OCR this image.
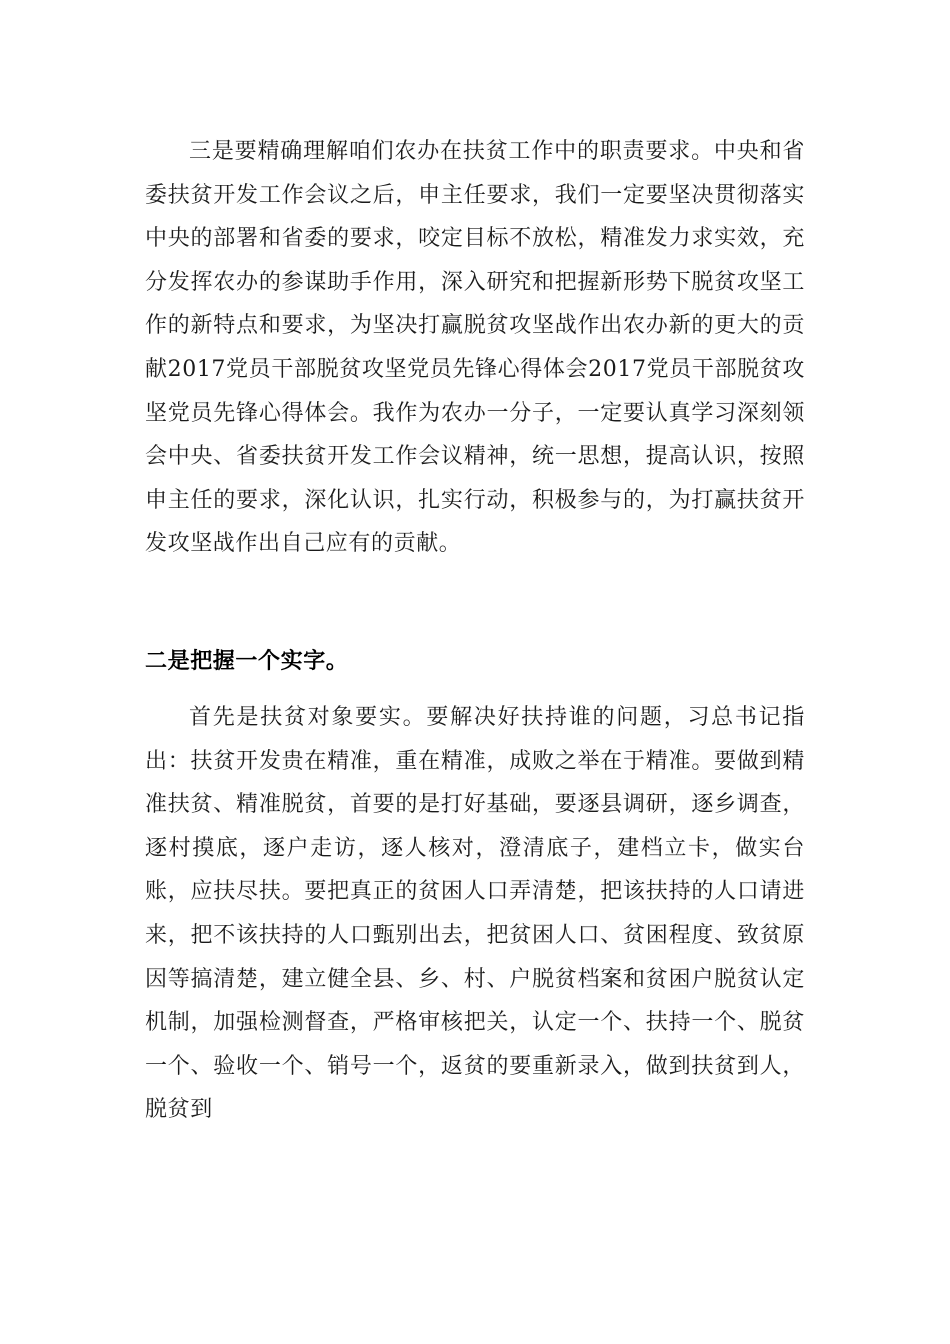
三是要精确理解咱们农办在扶贫工作中的职责要求。中央和省委扶贫开发工作会议之后，申主任要求，我们一定要坚决贯彻落实中央的部署和省委的要求，咬定目标不放松，精准发力求实效，充分发挥农办的参谋助手作用，深入研究和把握新形势下脱贫攻坚工作的新特点和要求，为坚决打赢脱贫攻坚战作出农办新的更大的贡献2017党员干部脱贫攻坚党员先锋心得体会2017党员干部脱贫攻坚党员先锋心得体会。我作为农办一分子，一定要认真学习深刻领会中央、省委扶贫开发工作会议精神，统一思想，提高认识，按照申主任的要求，深化认识，扎实行动，积极参与的，为打赢扶贫开发攻坚战作出自己应有的贡献。

二是把握一个实字。

首先是扶贫对象要实。要解决好扶持谁的问题，习总书记指出：扶贫开发贵在精准，重在精准，成败之举在于精准。要做到精准扶贫、精准脱贫，首要的是打好基础，要逐县调研，逐乡调查，逐村摸底，逐户走访，逐人核对，澄清底子，建档立卡，做实台账，应扶尽扶。要把真正的贫困人口弄清楚，把该扶持的人口请进来，把不该扶持的人口甄别出去，把贫困人口、贫困程度、致贫原因等搞清楚，建立健全县、乡、村、户脱贫档案和贫困户脱贫认定机制，加强检测督查，严格审核把关，认定一个、扶持一个、脱贫一个、验收一个、销号一个，返贫的要重新录入，做到扶贫到人，脱贫到
